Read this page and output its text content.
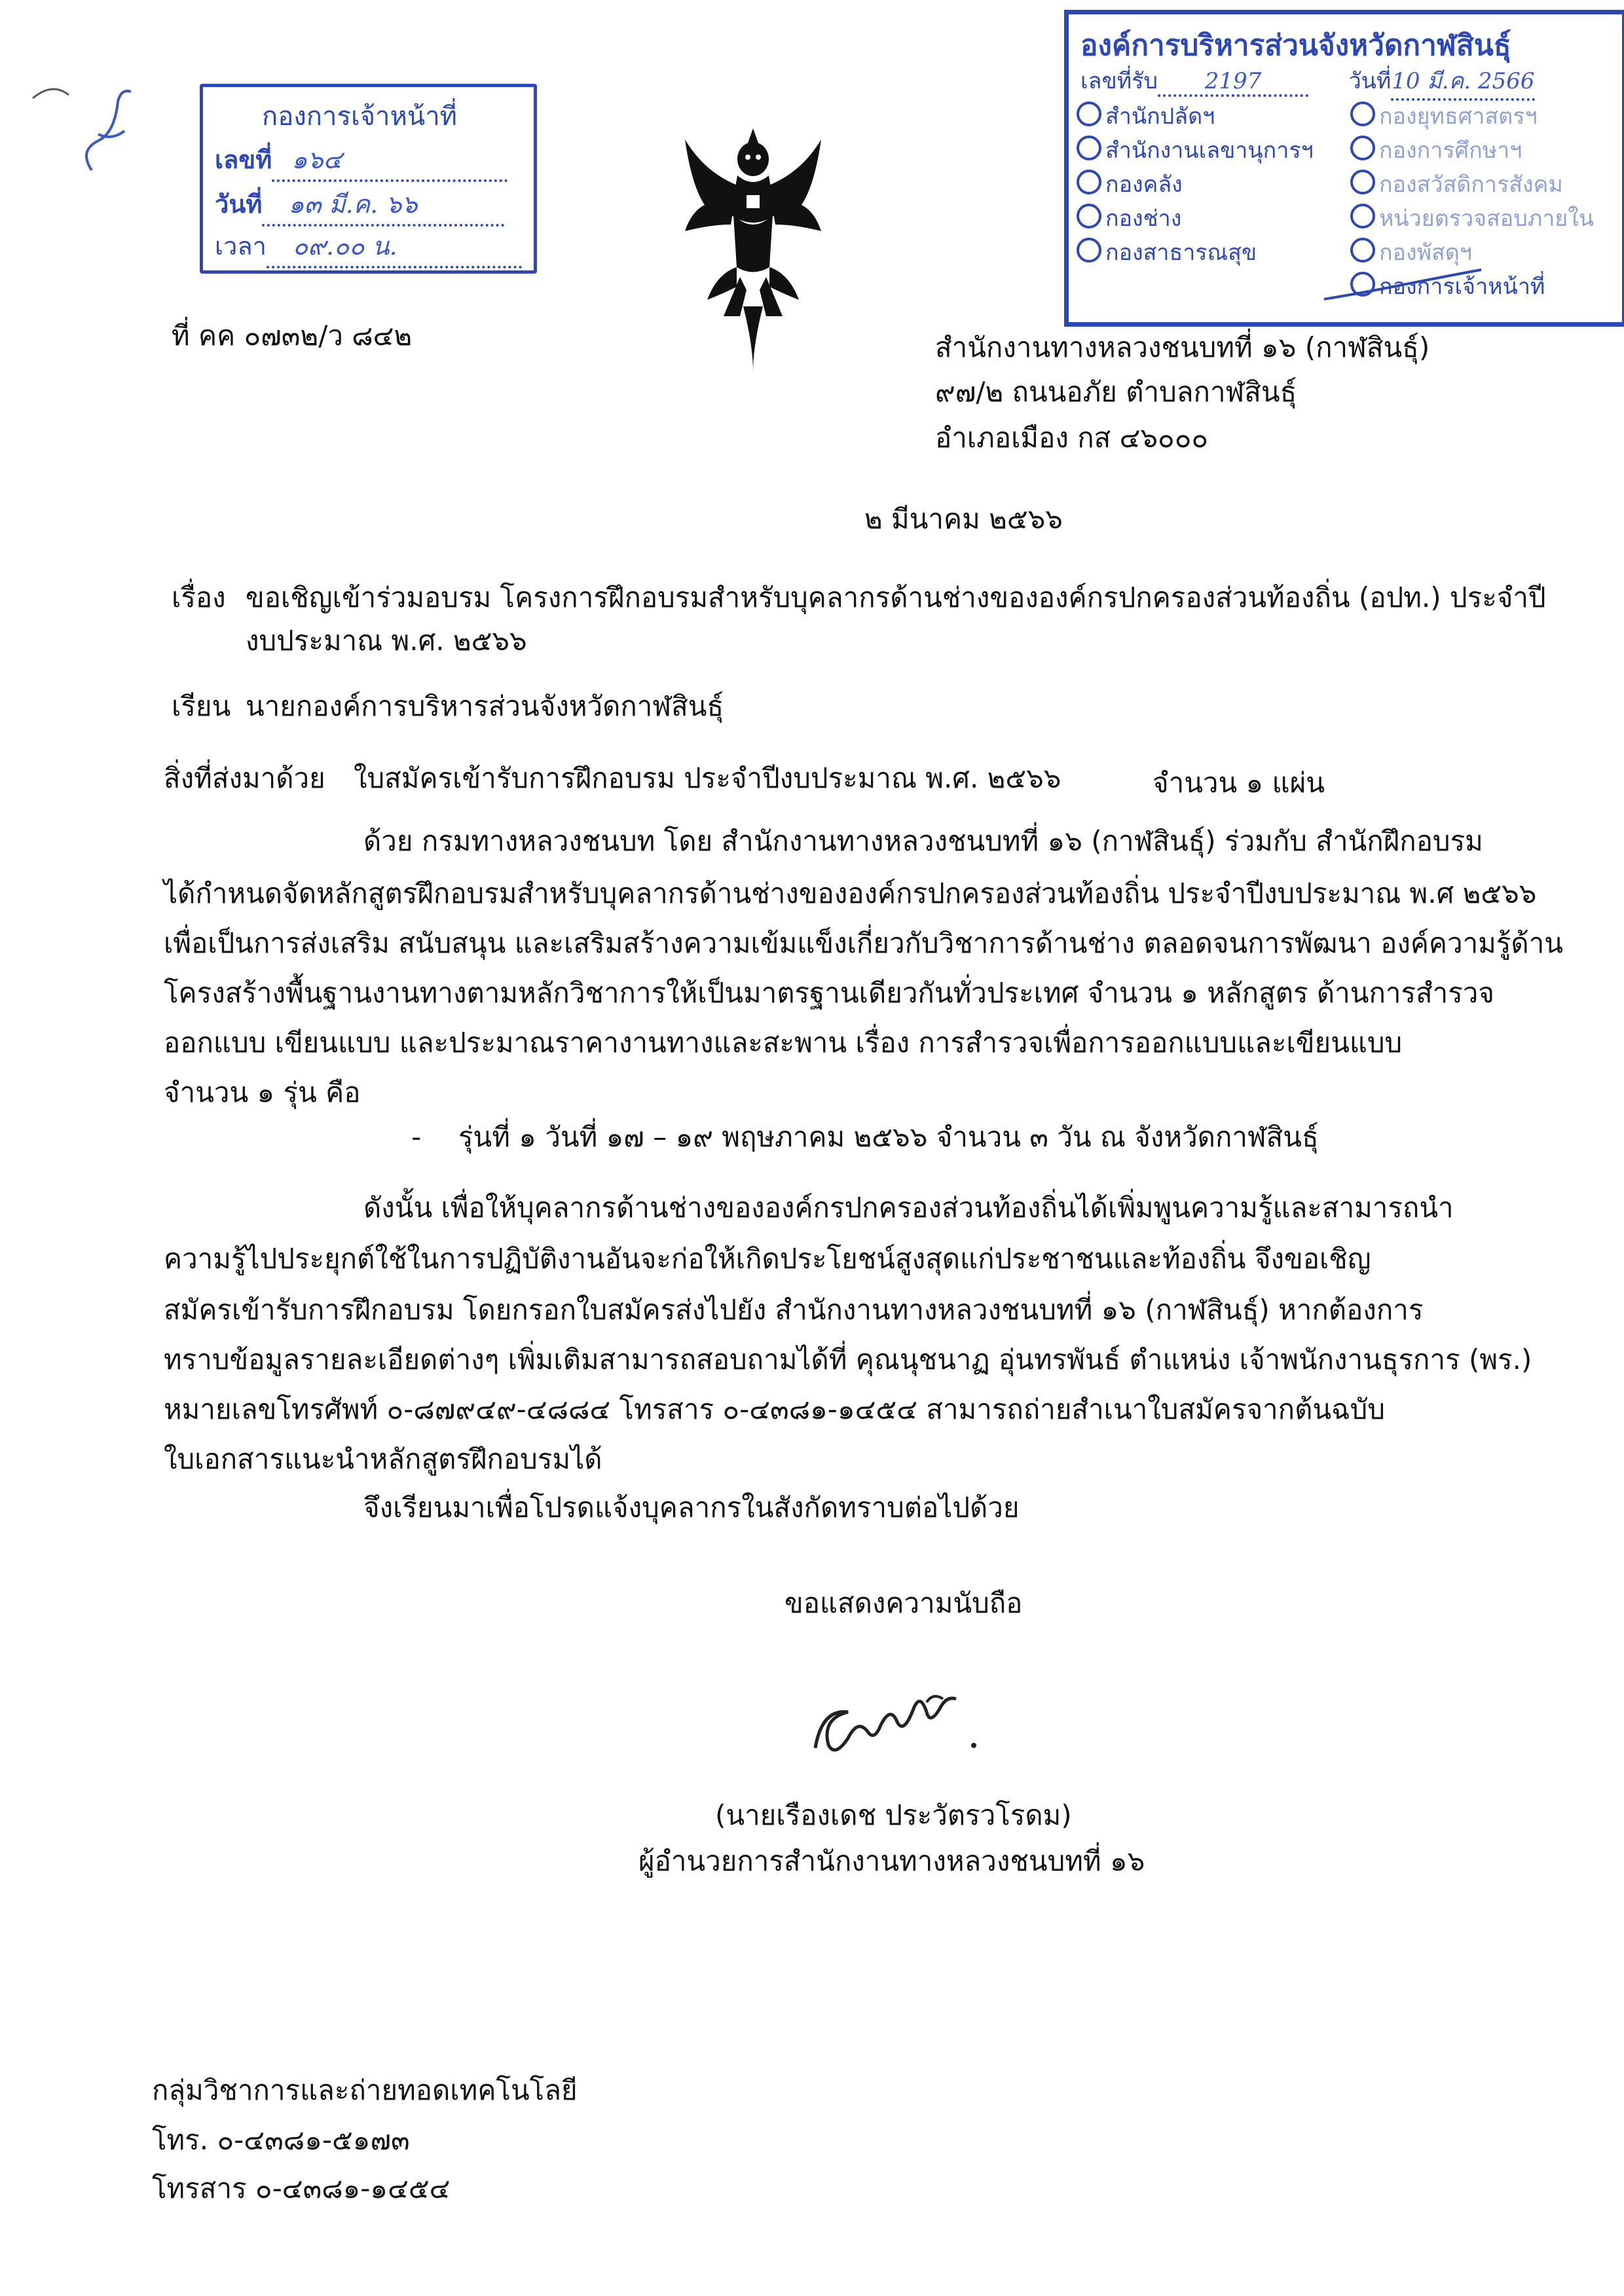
กองการเจ้าหน้าที่
เลขที่ ๑๖๔
วันที่ ๑๓ มี.ค. ๖๖
เวลา ๐๙.๐๐ น.
องค์การบริหารส่วนจังหวัดกาฬสินธุ์
เลขที่รับ 2197	วันที่10 มี.ค. 2566
สำนักปลัดฯ
สำนักงานเลขานุการฯ
กองคลัง
กองช่าง
กองสาธารณสุข
กองยุทธศาสตรฯ
กองการศึกษาฯ
กองสวัสดิการสังคม
หน่วยตรวจสอบภายใน
กองพัสดุฯ
กองการเจ้าหน้าที่
ที่ คค ๐๗๓๒/ว ๘๔๒	สำนักงานทางหลวงชนบทที่ ๑๖ (กาฬสินธุ์)
๙๗/๒ ถนนอภัย ตำบลกาฬสินธุ์
อำเภอเมือง กส ๔๖๐๐๐
๒ มีนาคม ๒๕๖๖
เรื่อง ขอเชิญเข้าร่วมอบรม โครงการฝึกอบรมสำหรับบุคลากรด้านช่างขององค์กรปกครองส่วนท้องถิ่น (อปท.) ประจำปี
งบประมาณ พ.ศ. ๒๕๖๖
เรียน นายกองค์การบริหารส่วนจังหวัดกาฬสินธุ์
สิ่งที่ส่งมาด้วย ใบสมัครเข้ารับการฝึกอบรม ประจำปีงบประมาณ พ.ศ. ๒๕๖๖	จำนวน ๑ แผ่น
ด้วย กรมทางหลวงชนบท โดย สำนักงานทางหลวงชนบทที่ ๑๖ (กาฬสินธุ์) ร่วมกับ สำนักฝึกอบรม
ได้กำหนดจัดหลักสูตรฝึกอบรมสำหรับบุคลากรด้านช่างขององค์กรปกครองส่วนท้องถิ่น ประจำปีงบประมาณ พ.ศ ๒๕๖๖
เพื่อเป็นการส่งเสริม สนับสนุน และเสริมสร้างความเข้มแข็งเกี่ยวกับวิชาการด้านช่าง ตลอดจนการพัฒนา องค์ความรู้ด้าน
โครงสร้างพื้นฐานงานทางตามหลักวิชาการให้เป็นมาตรฐานเดียวกันทั่วประเทศ จำนวน ๑ หลักสูตร ด้านการสำรวจ
ออกแบบ เขียนแบบ และประมาณราคางานทางและสะพาน เรื่อง การสำรวจเพื่อการออกแบบและเขียนแบบ
จำนวน ๑ รุ่น คือ
- รุ่นที่ ๑ วันที่ ๑๗ – ๑๙ พฤษภาคม ๒๕๖๖ จำนวน ๓ วัน ณ จังหวัดกาฬสินธุ์
ดังนั้น เพื่อให้บุคลากรด้านช่างขององค์กรปกครองส่วนท้องถิ่นได้เพิ่มพูนความรู้และสามารถนำ
ความรู้ไปประยุกต์ใช้ในการปฏิบัติงานอันจะก่อให้เกิดประโยชน์สูงสุดแก่ประชาชนและท้องถิ่น จึงขอเชิญ
สมัครเข้ารับการฝึกอบรม โดยกรอกใบสมัครส่งไปยัง สำนักงานทางหลวงชนบทที่ ๑๖ (กาฬสินธุ์) หากต้องการ
ทราบข้อมูลรายละเอียดต่างๆ เพิ่มเติมสามารถสอบถามได้ที่ คุณนุชนาฏ อุ่นทรพันธ์ ตำแหน่ง เจ้าพนักงานธุรการ (พร.)
หมายเลขโทรศัพท์ ๐-๘๗๙๔๙-๔๘๘๔ โทรสาร ๐-๔๓๘๑-๑๔๕๔ สามารถถ่ายสำเนาใบสมัครจากต้นฉบับ
ใบเอกสารแนะนำหลักสูตรฝึกอบรมได้
จึงเรียนมาเพื่อโปรดแจ้งบุคลากรในสังกัดทราบต่อไปด้วย
ขอแสดงความนับถือ
(นายเรืองเดช ประวัตรวโรดม)
ผู้อำนวยการสำนักงานทางหลวงชนบทที่ ๑๖
กลุ่มวิชาการและถ่ายทอดเทคโนโลยี
โทร. ๐-๔๓๘๑-๕๑๗๓
โทรสาร ๐-๔๓๘๑-๑๔๕๔
